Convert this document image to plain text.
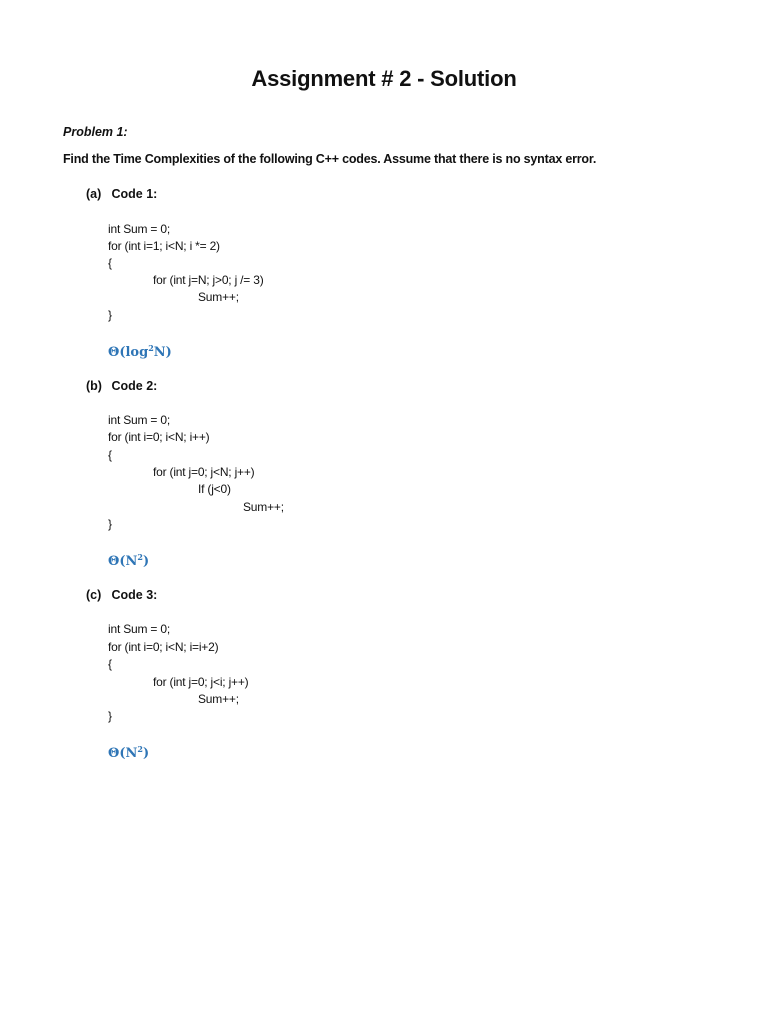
Assignment # 2 - Solution
Problem 1:
Find the Time Complexities of the following C++ codes. Assume that there is no syntax error.
(a) Code 1:
int Sum = 0;
for (int i=1; i<N; i *= 2)
{
for (int j=N; j>0; j /= 3)
Sum++;
}
$\Theta(\log^2N)$
(b) Code 2:
int Sum = 0;
for (int i=0; i<N; i++)
{
for (int j=0; j<N; j++)
If (j<0)
Sum++;
}
$\Theta(N^2)$
(c) Code 3:
int Sum = 0;
for (int i=0; i<N; i=i+2)
{
for (int j=0; j<i; j++)
Sum++;
}
$\Theta(N^2)$
